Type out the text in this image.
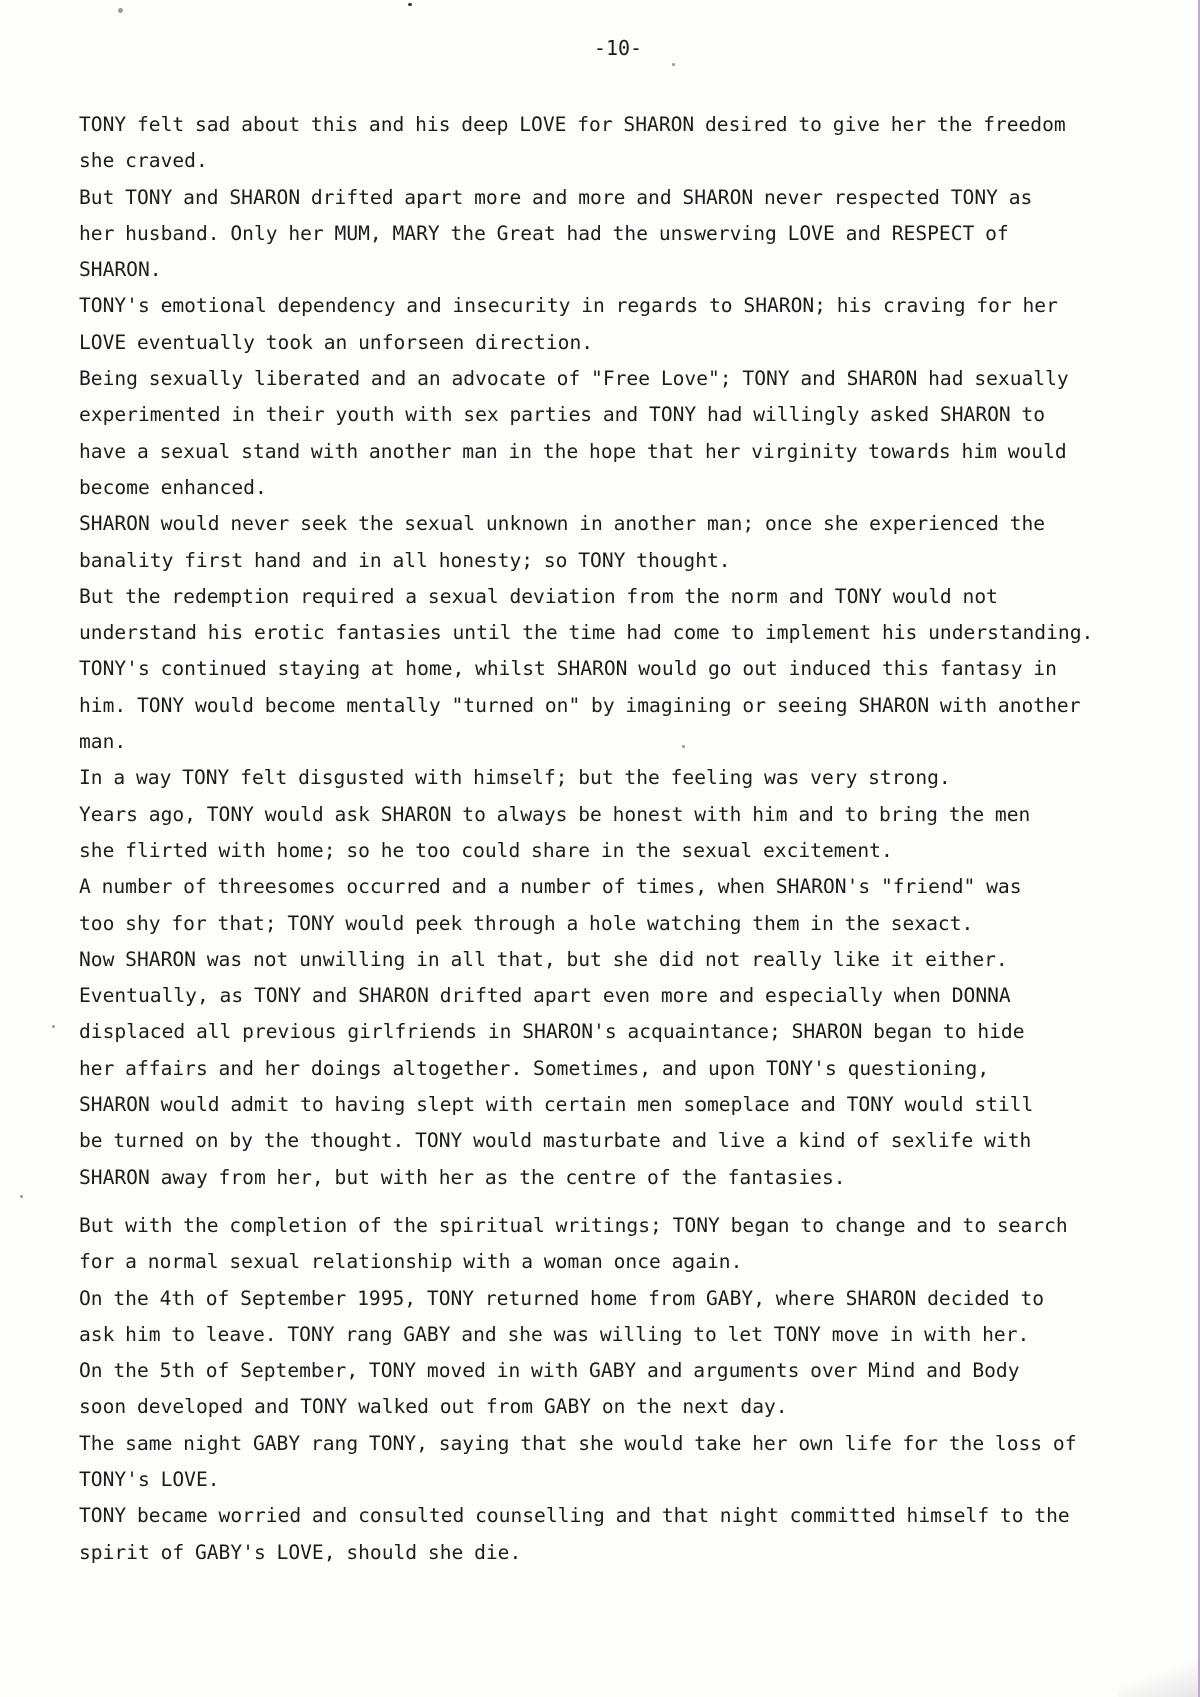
-10-
TONY felt sad about this and his deep LOVE for SHARON desired to give her the freedom
she craved.
But TONY and SHARON drifted apart more and more and SHARON never respected TONY as
her husband. Only her MUM, MARY the Great had the unswerving LOVE and RESPECT of
SHARON.
TONY's emotional dependency and insecurity in regards to SHARON; his craving for her
LOVE eventually took an unforseen direction.
Being sexually liberated and an advocate of "Free Love"; TONY and SHARON had sexually
experimented in their youth with sex parties and TONY had willingly asked SHARON to
have a sexual stand with another man in the hope that her virginity towards him would
become enhanced.
SHARON would never seek the sexual unknown in another man; once she experienced the
banality first hand and in all honesty; so TONY thought.
But the redemption required a sexual deviation from the norm and TONY would not
understand his erotic fantasies until the time had come to implement his understanding.
TONY's continued staying at home, whilst SHARON would go out induced this fantasy in
him. TONY would become mentally "turned on" by imagining or seeing SHARON with another
man.
In a way TONY felt disgusted with himself; but the feeling was very strong.
Years ago, TONY would ask SHARON to always be honest with him and to bring the men
she flirted with home; so he too could share in the sexual excitement.
A number of threesomes occurred and a number of times, when SHARON's "friend" was
too shy for that; TONY would peek through a hole watching them in the sexact.
Now SHARON was not unwilling in all that, but she did not really like it either.
Eventually, as TONY and SHARON drifted apart even more and especially when DONNA
displaced all previous girlfriends in SHARON's acquaintance; SHARON began to hide
her affairs and her doings altogether. Sometimes, and upon TONY's questioning,
SHARON would admit to having slept with certain men someplace and TONY would still
be turned on by the thought. TONY would masturbate and live a kind of sexlife with
SHARON away from her, but with her as the centre of the fantasies.
But with the completion of the spiritual writings; TONY began to change and to search
for a normal sexual relationship with a woman once again.
On the 4th of September 1995, TONY returned home from GABY, where SHARON decided to
ask him to leave. TONY rang GABY and she was willing to let TONY move in with her.
On the 5th of September, TONY moved in with GABY and arguments over Mind and Body
soon developed and TONY walked out from GABY on the next day.
The same night GABY rang TONY, saying that she would take her own life for the loss of
TONY's LOVE.
TONY became worried and consulted counselling and that night committed himself to the
spirit of GABY's LOVE, should she die.
